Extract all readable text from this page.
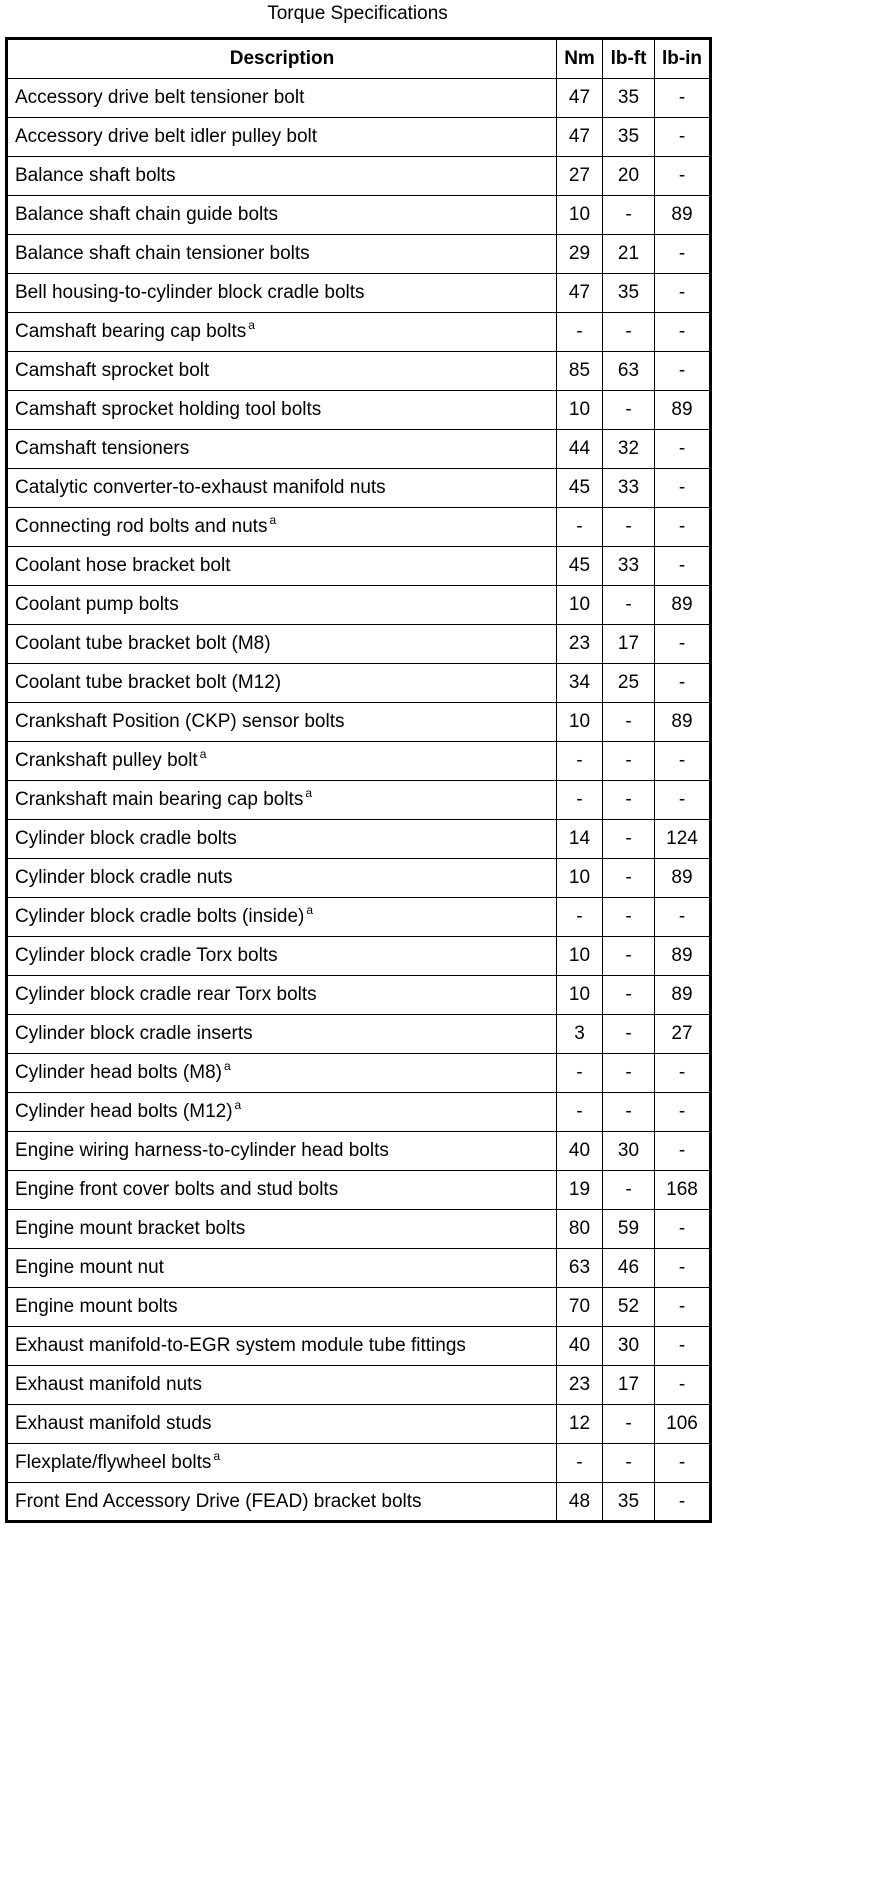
Torque Specifications
Description	Nm	lb-ft	lb-in
Accessory drive belt tensioner bolt	47	35	-
Accessory drive belt idler pulley bolt	47	35	-
Balance shaft bolts	27	20	-
Balance shaft chain guide bolts	10	-	89
Balance shaft chain tensioner bolts	29	21	-
Bell housing-to-cylinder block cradle bolts	47	35	-
Camshaft bearing cap bolts $^a$	-	-	-
Camshaft sprocket bolt	85	63	-
Camshaft sprocket holding tool bolts	10	-	89
Camshaft tensioners	44	32	-
Catalytic converter-to-exhaust manifold nuts	45	33	-
Connecting rod bolts and nuts $^a$	-	-	-
Coolant hose bracket bolt	45	33	-
Coolant pump bolts	10	-	89
Coolant tube bracket bolt (M8)	23	17	-
Coolant tube bracket bolt (M12)	34	25	-
Crankshaft Position (CKP) sensor bolts	10	-	89
Crankshaft pulley bolt $^a$	-	-	-
Crankshaft main bearing cap bolts $^a$	-	-	-
Cylinder block cradle bolts	14	-	124
Cylinder block cradle nuts	10	-	89
Cylinder block cradle bolts (inside) $^a$	-	-	-
Cylinder block cradle Torx bolts	10	-	89
Cylinder block cradle rear Torx bolts	10	-	89
Cylinder block cradle inserts	3	-	27
Cylinder head bolts (M8) $^a$	-	-	-
Cylinder head bolts (M12) $^a$	-	-	-
Engine wiring harness-to-cylinder head bolts	40	30	-
Engine front cover bolts and stud bolts	19	-	168
Engine mount bracket bolts	80	59	-
Engine mount nut	63	46	-
Engine mount bolts	70	52	-
Exhaust manifold-to-EGR system module tube fittings	40	30	-
Exhaust manifold nuts	23	17	-
Exhaust manifold studs	12	-	106
Flexplate/flywheel bolts $^a$	-	-	-
Front End Accessory Drive (FEAD) bracket bolts	48	35	-
